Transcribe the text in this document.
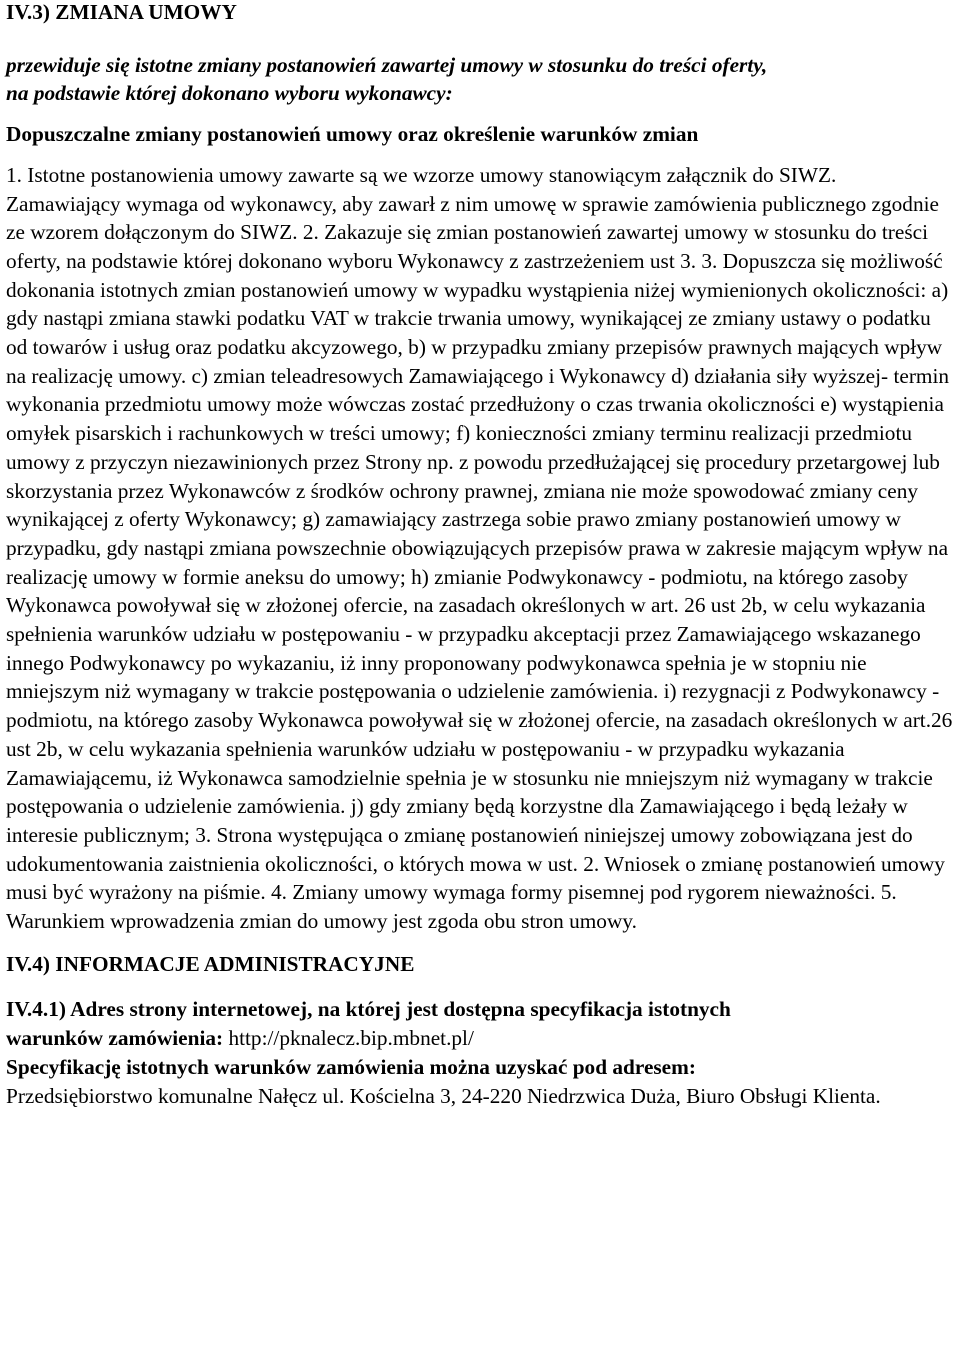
IV.3) ZMIANA UMOWY

przewiduje się istotne zmiany postanowień zawartej umowy w stosunku do treści oferty,

na podstawie której dokonano wyboru wykonawcy:

Dopuszczalne zmiany postanowień umowy oraz określenie warunków zmian

1. Istotne postanowienia umowy zawarte są we wzorze umowy stanowiącym załącznik do SIWZ. Zamawiający wymaga od wykonawcy, aby zawarł z nim umowę w sprawie zamówienia publicznego zgodnie ze wzorem dołączonym do SIWZ. 2. Zakazuje się zmian postanowień zawartej umowy w stosunku do treści oferty, na podstawie której dokonano wyboru Wykonawcy z zastrzeżeniem ust 3. 3. Dopuszcza się możliwość dokonania istotnych zmian postanowień umowy w wypadku wystąpienia niżej wymienionych okoliczności: a) gdy nastąpi zmiana stawki podatku VAT w trakcie trwania umowy, wynikającej ze zmiany ustawy o podatku od towarów i usług oraz podatku akcyzowego, b) w przypadku zmiany przepisów prawnych mających wpływ na realizację umowy. c) zmian teleadresowych Zamawiającego i Wykonawcy d) działania siły wyższej- termin wykonania przedmiotu umowy może wówczas zostać przedłużony o czas trwania okoliczności e) wystąpienia omyłek pisarskich i rachunkowych w treści umowy; f) konieczności zmiany terminu realizacji przedmiotu umowy z przyczyn niezawinionych przez Strony np. z powodu przedłużającej się procedury przetargowej lub skorzystania przez Wykonawców z środków ochrony prawnej, zmiana nie może spowodować zmiany ceny wynikającej z oferty Wykonawcy; g) zamawiający zastrzega sobie prawo zmiany postanowień umowy w przypadku, gdy nastąpi zmiana powszechnie obowiązujących przepisów prawa w zakresie mającym wpływ na realizację umowy w formie aneksu do umowy; h) zmianie Podwykonawcy - podmiotu, na którego zasoby Wykonawca powoływał się w złożonej ofercie, na zasadach określonych w art. 26 ust 2b, w celu wykazania spełnienia warunków udziału w postępowaniu - w przypadku akceptacji przez Zamawiającego wskazanego innego Podwykonawcy po wykazaniu, iż inny proponowany podwykonawca spełnia je w stopniu nie mniejszym niż wymagany w trakcie postępowania o udzielenie zamówienia. i) rezygnacji z Podwykonawcy - podmiotu, na którego zasoby Wykonawca powoływał się w złożonej ofercie, na zasadach określonych w art.26 ust 2b, w celu wykazania spełnienia warunków udziału w postępowaniu - w przypadku wykazania Zamawiającemu, iż Wykonawca samodzielnie spełnia je w stosunku nie mniejszym niż wymagany w trakcie postępowania o udzielenie zamówienia. j) gdy zmiany będą korzystne dla Zamawiającego i będą leżały w interesie publicznym; 3. Strona występująca o zmianę postanowień niniejszej umowy zobowiązana jest do udokumentowania zaistnienia okoliczności, o których mowa w ust. 2. Wniosek o zmianę postanowień umowy musi być wyrażony na piśmie. 4. Zmiany umowy wymaga formy pisemnej pod rygorem nieważności. 5. Warunkiem wprowadzenia zmian do umowy jest zgoda obu stron umowy.

IV.4) INFORMACJE ADMINISTRACYJNE

IV.4.1) Adres strony internetowej, na której jest dostępna specyfikacja istotnych

warunków zamówienia: http://pknalecz.bip.mbnet.pl/

Specyfikację istotnych warunków zamówienia można uzyskać pod adresem:

Przedsiębiorstwo komunalne Nałęcz ul. Kościelna 3, 24-220 Niedrzwica Duża, Biuro Obsługi Klienta.
